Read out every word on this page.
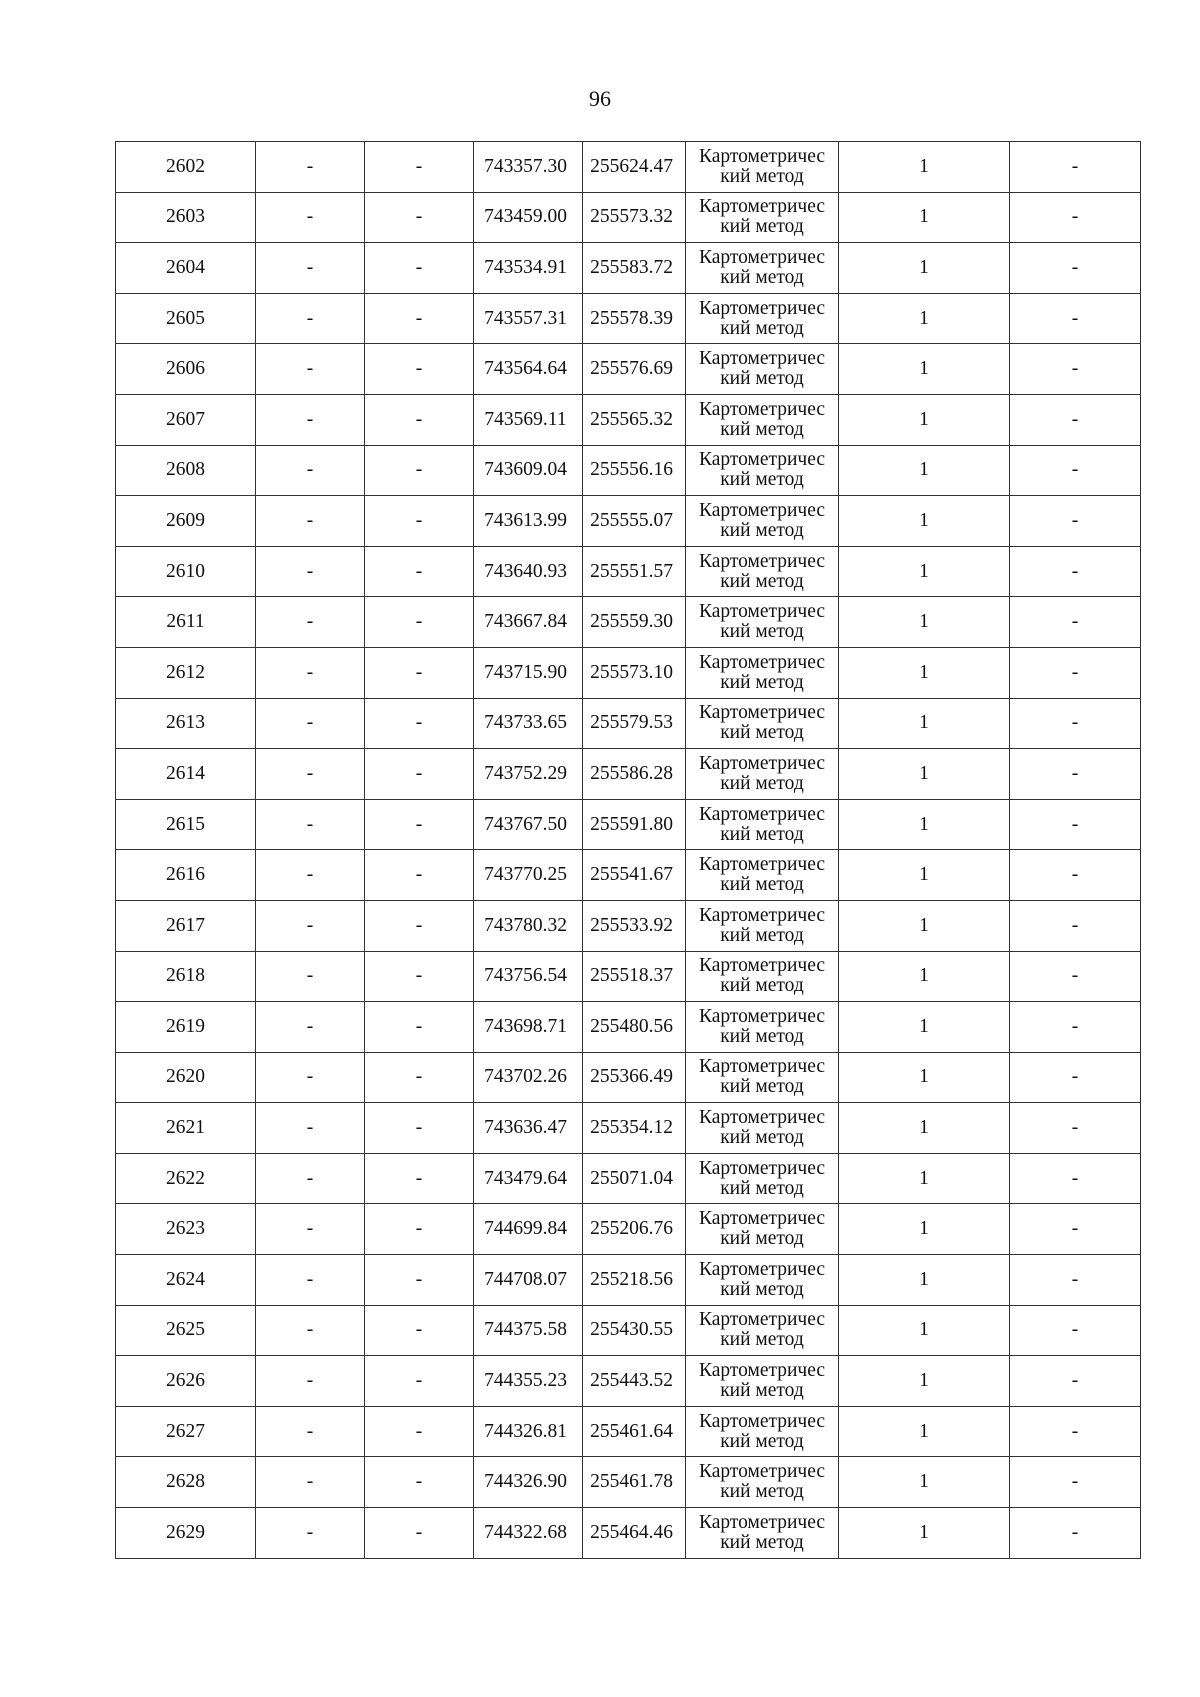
96
2602	-	-	743357.30	255624.47	Картометричес
кий метод	1	-
2603	-	-	743459.00	255573.32	Картометричес
кий метод	1	-
2604	-	-	743534.91	255583.72	Картометричес
кий метод	1	-
2605	-	-	743557.31	255578.39	Картометричес
кий метод	1	-
2606	-	-	743564.64	255576.69	Картометричес
кий метод	1	-
2607	-	-	743569.11	255565.32	Картометричес
кий метод	1	-
2608	-	-	743609.04	255556.16	Картометричес
кий метод	1	-
2609	-	-	743613.99	255555.07	Картометричес
кий метод	1	-
2610	-	-	743640.93	255551.57	Картометричес
кий метод	1	-
2611	-	-	743667.84	255559.30	Картометричес
кий метод	1	-
2612	-	-	743715.90	255573.10	Картометричес
кий метод	1	-
2613	-	-	743733.65	255579.53	Картометричес
кий метод	1	-
2614	-	-	743752.29	255586.28	Картометричес
кий метод	1	-
2615	-	-	743767.50	255591.80	Картометричес
кий метод	1	-
2616	-	-	743770.25	255541.67	Картометричес
кий метод	1	-
2617	-	-	743780.32	255533.92	Картометричес
кий метод	1	-
2618	-	-	743756.54	255518.37	Картометричес
кий метод	1	-
2619	-	-	743698.71	255480.56	Картометричес
кий метод	1	-
2620	-	-	743702.26	255366.49	Картометричес
кий метод	1	-
2621	-	-	743636.47	255354.12	Картометричес
кий метод	1	-
2622	-	-	743479.64	255071.04	Картометричес
кий метод	1	-
2623	-	-	744699.84	255206.76	Картометричес
кий метод	1	-
2624	-	-	744708.07	255218.56	Картометричес
кий метод	1	-
2625	-	-	744375.58	255430.55	Картометричес
кий метод	1	-
2626	-	-	744355.23	255443.52	Картометричес
кий метод	1	-
2627	-	-	744326.81	255461.64	Картометричес
кий метод	1	-
2628	-	-	744326.90	255461.78	Картометричес
кий метод	1	-
2629	-	-	744322.68	255464.46	Картометричес
кий метод	1	-
